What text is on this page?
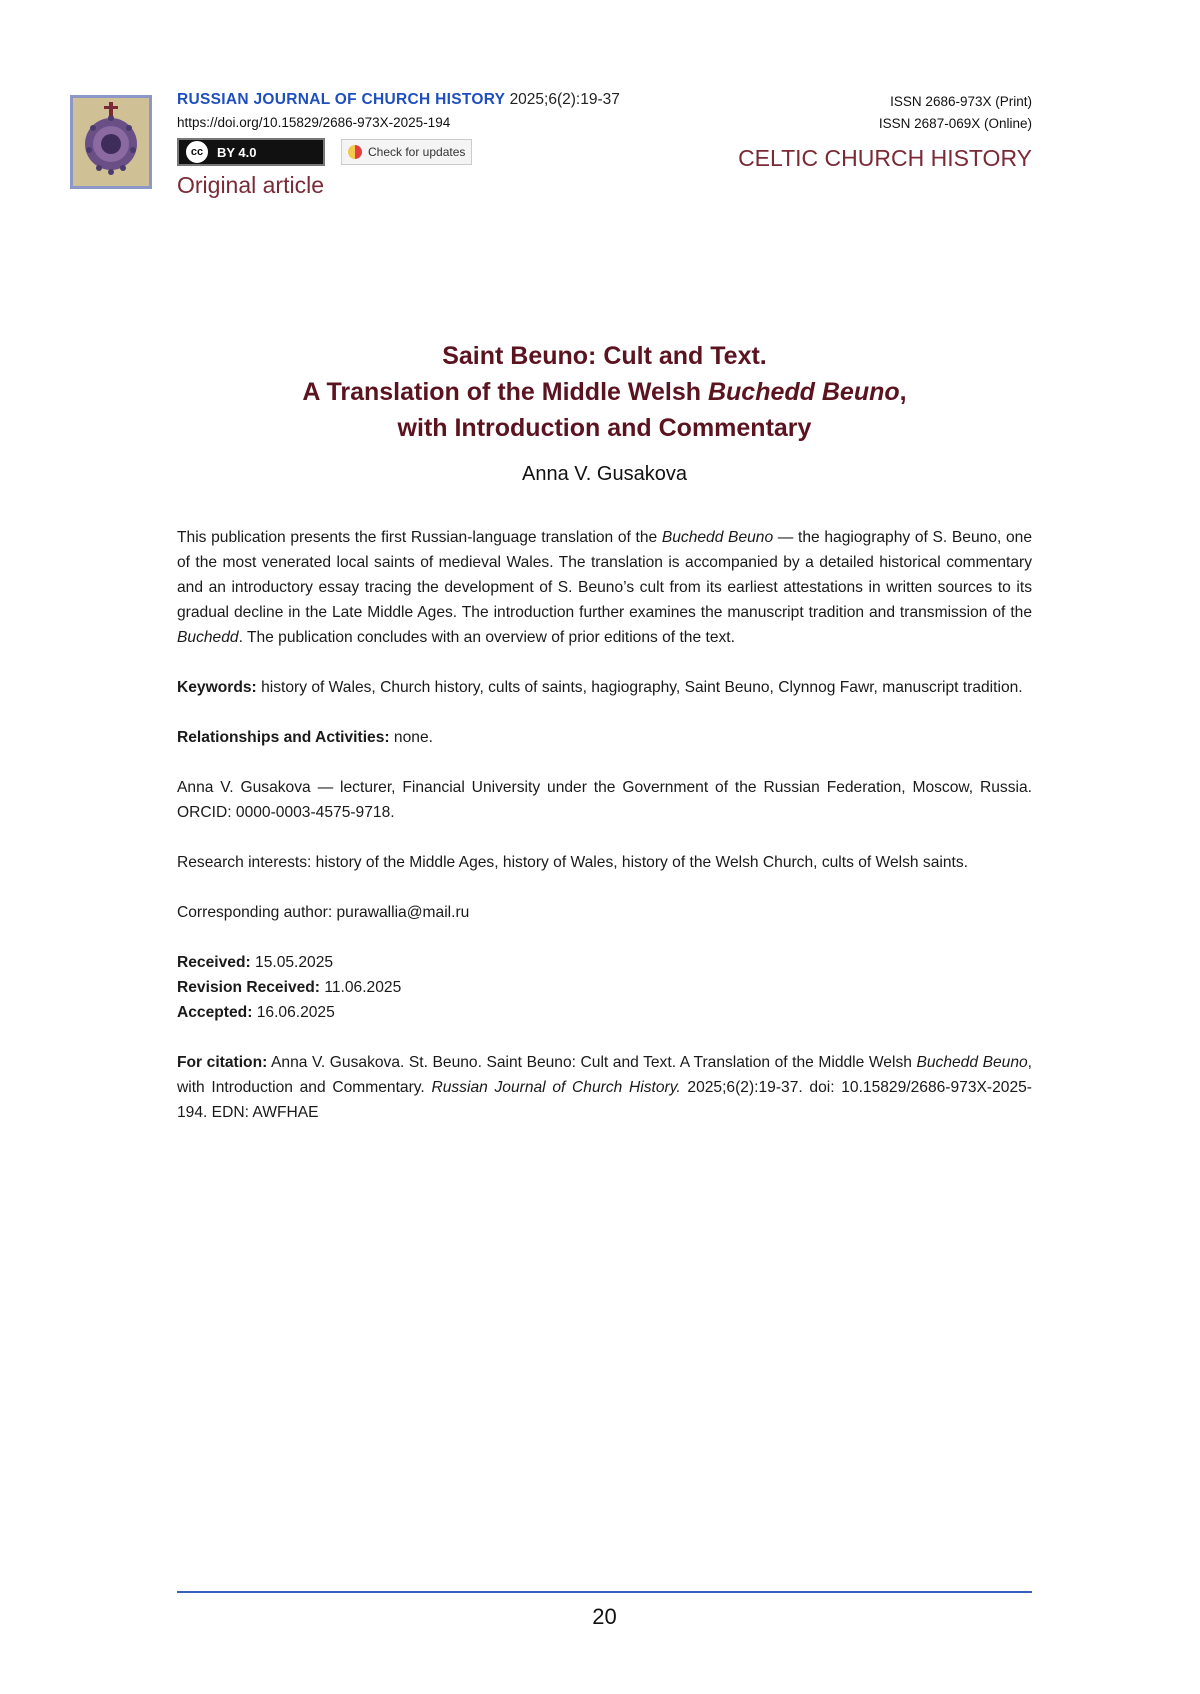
RUSSIAN JOURNAL OF CHURCH HISTORY 2025;6(2):19-37
https://doi.org/10.15829/2686-973X-2025-194
cc	BY 4.0	Check for updates
Original article
ISSN 2686-973X (Print)
ISSN 2687-069X (Online)
CELTIC CHURCH HISTORY
Saint Beuno: Cult and Text.
A Translation of the Middle Welsh Buchedd Beuno,
with Introduction and Commentary
Anna V. Gusakova

This publication presents the first Russian-language translation of the Buchedd Beuno — the hagiography of S. Beuno, one of the most venerated local saints of medieval Wales. The translation is accompanied by a detailed historical commentary and an introductory essay tracing the development of S. Beuno’s cult from its earliest attestations in written sources to its gradual decline in the Late Middle Ages. The introduction further examines the manuscript tradition and transmission of the Buchedd. The publication concludes with an overview of prior editions of the text.

Keywords: history of Wales, Church history, cults of saints, hagiography, Saint Beuno, Clynnog Fawr, manuscript tradition.

Relationships and Activities: none.

Anna V. Gusakova — lecturer, Financial University under the Government of the Russian Federation, Moscow, Russia. ORCID: 0000-0003-4575-9718.

Research interests: history of the Middle Ages, history of Wales, history of the Welsh Church, cults of Welsh saints.

Corresponding author: purawallia@mail.ru

Received: 15.05.2025

Revision Received: 11.06.2025

Accepted: 16.06.2025

For citation: Anna V. Gusakova. St. Beuno. Saint Beuno: Cult and Text. A Translation of the Middle Welsh Buchedd Beuno, with Introduction and Commentary. Russian Journal of Church History. 2025;6(2):19-37. doi: 10.15829/2686-973X-2025-194. EDN: AWFHAE

20
